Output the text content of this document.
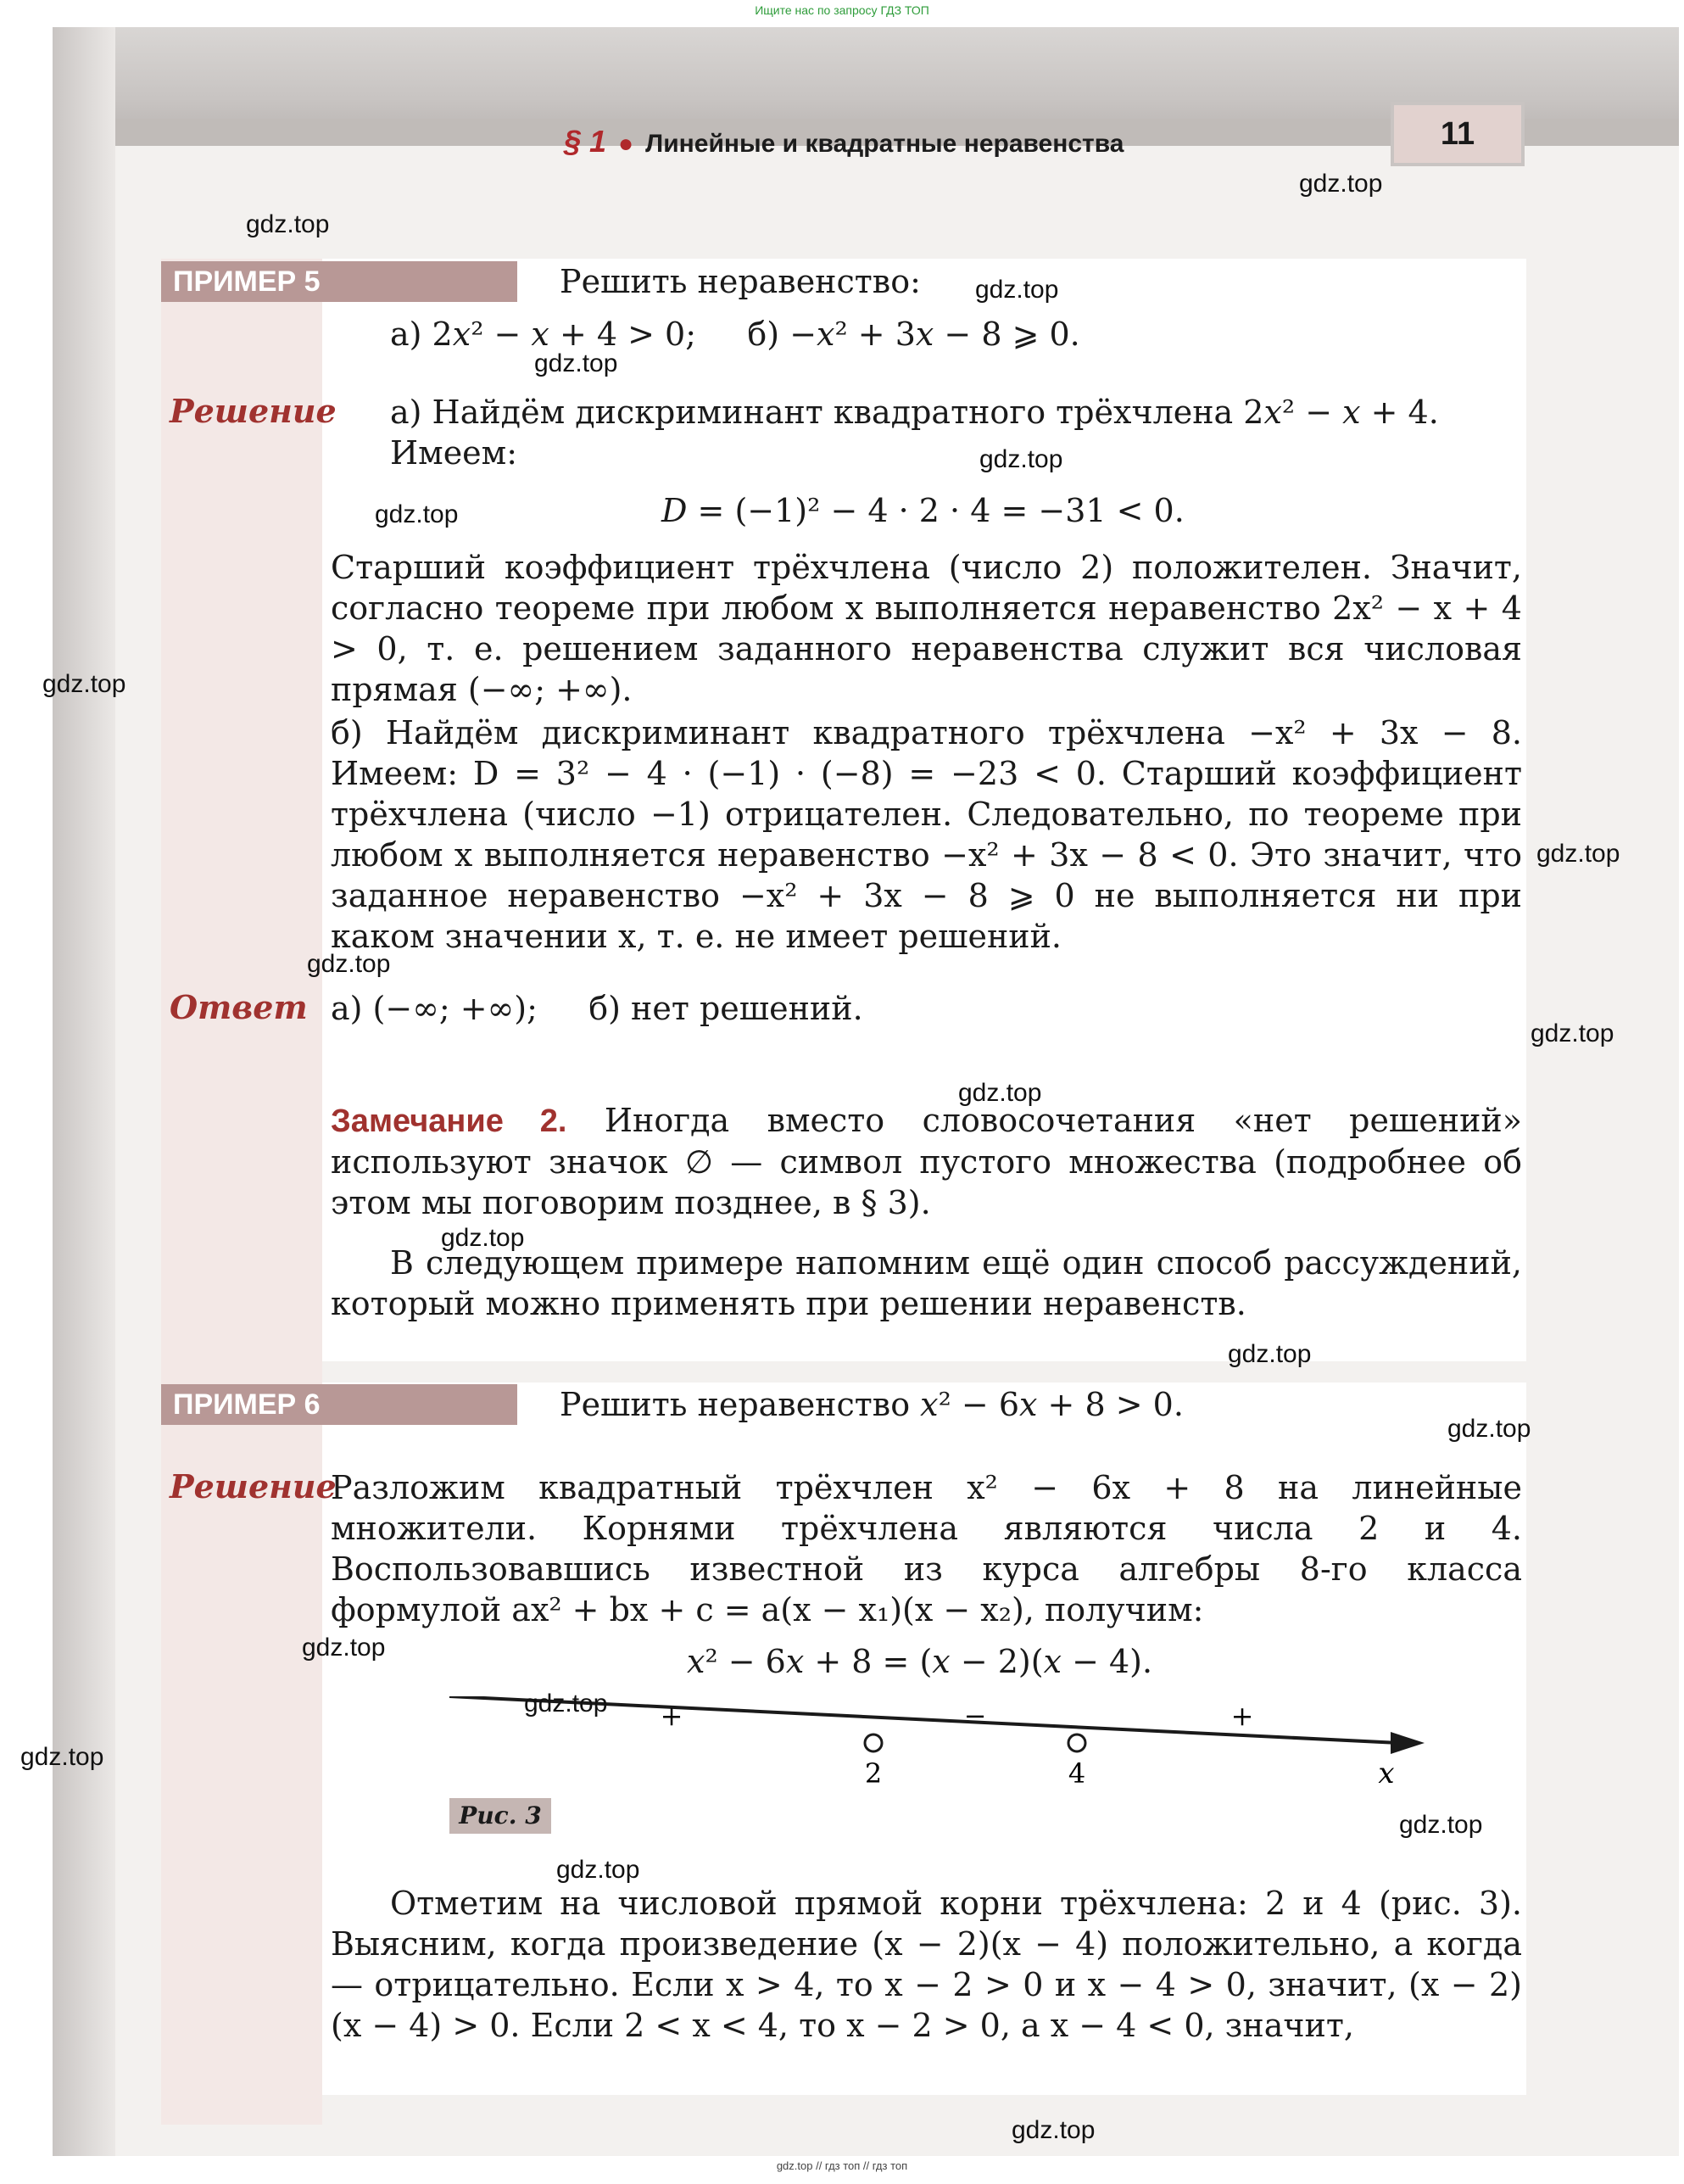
Ищите нас по запросу ГДЗ ТОП
§ 1 ● Линейные и квадратные неравенства	11
ПРИМЕР 5	Решить неравенство:
а) 2x² − x + 4 > 0;     б) −x² + 3x − 8 ⩾ 0.
Решение а) Найдём дискриминант квадратного трёхчлена 2x² − x + 4.
Имеем:
D = (−1)² − 4 · 2 · 4 = −31 < 0.
Старший коэффициент трёхчлена (число 2) положителен. Значит, согласно теореме при любом x выполняется неравенство 2x² − x + 4 > 0, т. е. решением заданного неравенства служит вся числовая прямая (−∞; +∞).
б) Найдём дискриминант квадратного трёхчлена −x² + 3x − 8. Имеем: D = 3² − 4 · (−1) · (−8) = −23 < 0. Старший коэффициент трёхчлена (число −1) отрицателен. Следовательно, по теореме при любом x выполняется неравенство −x² + 3x − 8 < 0. Это значит, что заданное неравенство −x² + 3x − 8 ⩾ 0 не выполняется ни при каком значении x, т. е. не имеет решений.
Ответ а) (−∞; +∞);     б) нет решений.
Замечание 2. Иногда вместо словосочетания «нет решений» используют значок ∅ — символ пустого множества (подробнее об этом мы поговорим позднее, в § 3).
В следующем примере напомним ещё один способ рассуждений, который можно применять при решении неравенств.
ПРИМЕР 6	Решить неравенство x² − 6x + 8 > 0.
Решение
Разложим квадратный трёхчлен x² − 6x + 8 на линейные множители. Корнями трёхчлена являются числа 2 и 4. Воспользовавшись известной из курса алгебры 8-го класса формулой ax² + bx + c = a(x − x₁)(x − x₂), получим:
x² − 6x + 8 = (x − 2)(x − 4).
+	−	+
2	4	x
Рис. 3
Отметим на числовой прямой корни трёхчлена: 2 и 4 (рис. 3). Выясним, когда произведение (x − 2)(x − 4) положительно, а когда — отрицательно. Если x > 4, то x − 2 > 0 и x − 4 > 0, значит, (x − 2)(x − 4) > 0. Если 2 < x < 4, то x − 2 > 0, а x − 4 < 0, значит,
gdz.top
gdz.top
gdz.top
gdz.top
gdz.top
gdz.top
gdz.top
gdz.top
gdz.top
gdz.top
gdz.top
gdz.top
gdz.top
gdz.top
gdz.top
gdz.top
gdz.top
gdz.top
gdz.top
gdz.top
gdz.top // гдз топ // гдз топ
